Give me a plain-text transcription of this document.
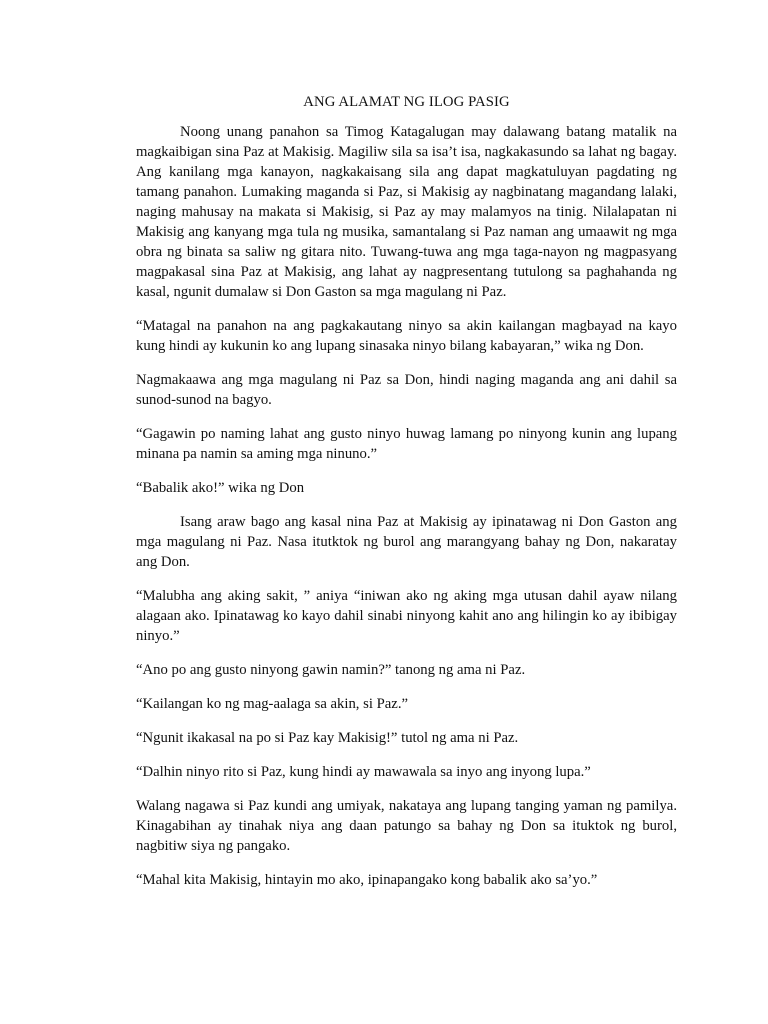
ANG ALAMAT NG ILOG PASIG

Noong unang panahon sa Timog Katagalugan may dalawang batang matalik na magkaibigan sina Paz at Makisig. Magiliw sila sa isa’t isa, nagkakasundo sa lahat ng bagay. Ang kanilang mga kanayon, nagkakaisang sila ang dapat magkatuluyan pagdating ng tamang panahon. Lumaking maganda si Paz, si Makisig ay nagbinatang magandang lalaki, naging mahusay na makata si Makisig, si Paz ay may malamyos na tinig. Nilalapatan ni Makisig ang kanyang mga tula ng musika, samantalang si Paz naman ang umaawit ng mga obra ng binata sa saliw ng gitara nito. Tuwang-tuwa ang mga taga-nayon ng magpasyang magpakasal sina Paz at Makisig, ang lahat ay nagpresentang tutulong sa paghahanda ng kasal, ngunit dumalaw si Don Gaston sa mga magulang ni Paz.

“Matagal na panahon na ang pagkakautang ninyo sa akin kailangan magbayad na kayo kung hindi ay kukunin ko ang lupang sinasaka ninyo bilang kabayaran,” wika ng Don.

Nagmakaawa ang mga magulang ni Paz sa Don, hindi naging maganda ang ani dahil sa sunod-sunod na bagyo.

“Gagawin po naming lahat ang gusto ninyo huwag lamang po ninyong kunin ang lupang minana pa namin sa aming mga ninuno.”

“Babalik ako!” wika ng Don

Isang araw bago ang kasal nina Paz at Makisig ay ipinatawag ni Don Gaston ang mga magulang ni Paz. Nasa itutktok ng burol ang marangyang bahay ng Don, nakaratay ang Don.

“Malubha ang aking sakit, ” aniya “iniwan ako ng aking mga utusan dahil ayaw nilang alagaan ako. Ipinatawag ko kayo dahil sinabi ninyong kahit ano ang hilingin ko ay ibibigay ninyo.”

“Ano po ang gusto ninyong gawin namin?” tanong ng ama ni Paz.

“Kailangan ko ng mag-aalaga sa akin, si Paz.”

“Ngunit ikakasal na po si Paz kay Makisig!” tutol ng ama ni Paz.

“Dalhin ninyo rito si Paz, kung hindi ay mawawala sa inyo ang inyong lupa.”

Walang nagawa si Paz kundi ang umiyak, nakataya ang lupang tanging yaman ng pamilya. Kinagabihan ay tinahak niya ang daan patungo sa bahay ng Don sa ituktok ng burol, nagbitiw siya ng pangako.

“Mahal kita Makisig, hintayin mo ako, ipinapangako kong babalik ako sa’yo.”
